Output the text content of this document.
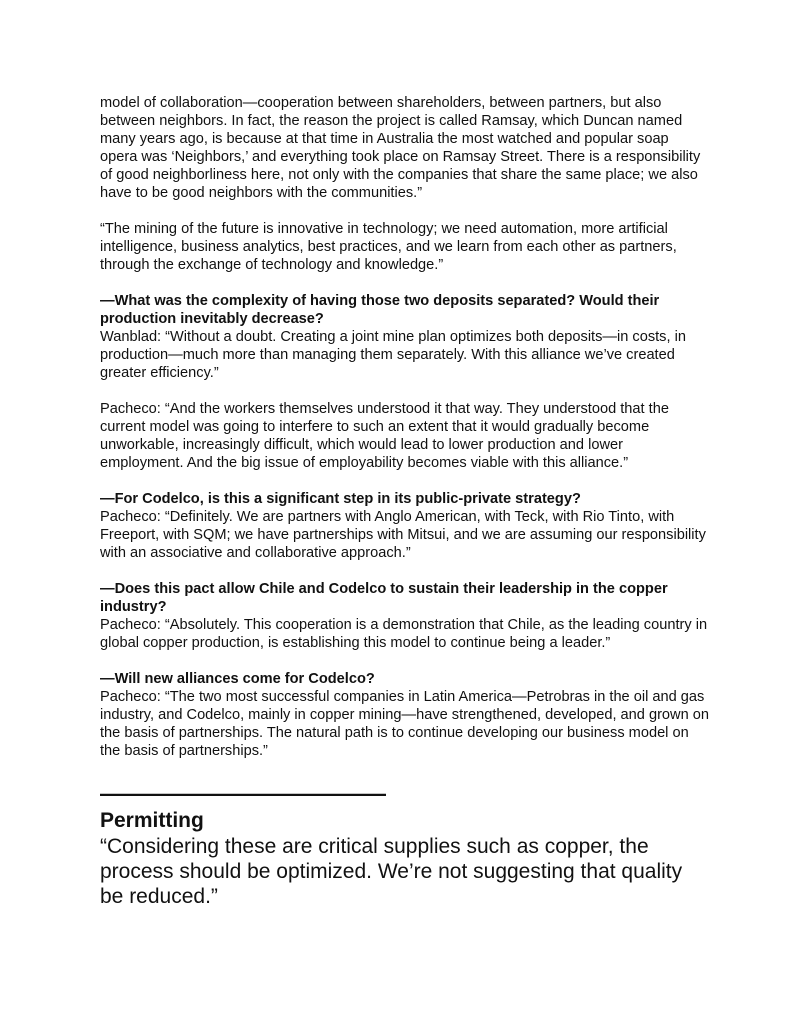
model of collaboration—cooperation between shareholders, between partners, but also between neighbors. In fact, the reason the project is called Ramsay, which Duncan named many years ago, is because at that time in Australia the most watched and popular soap opera was ‘Neighbors,’ and everything took place on Ramsay Street. There is a responsibility of good neighborliness here, not only with the companies that share the same place; we also have to be good neighbors with the communities.”

“The mining of the future is innovative in technology; we need automation, more artificial intelligence, business analytics, best practices, and we learn from each other as partners, through the exchange of technology and knowledge.”

—What was the complexity of having those two deposits separated? Would their production inevitably decrease?
Wanblad: “Without a doubt. Creating a joint mine plan optimizes both deposits—in costs, in production—much more than managing them separately. With this alliance we’ve created greater efficiency.”

Pacheco: “And the workers themselves understood it that way. They understood that the current model was going to interfere to such an extent that it would gradually become unworkable, increasingly difficult, which would lead to lower production and lower employment. And the big issue of employability becomes viable with this alliance.”

—For Codelco, is this a significant step in its public-private strategy?
Pacheco: “Definitely. We are partners with Anglo American, with Teck, with Rio Tinto, with Freeport, with SQM; we have partnerships with Mitsui, and we are assuming our responsibility with an associative and collaborative approach.”

—Does this pact allow Chile and Codelco to sustain their leadership in the copper industry?
Pacheco: “Absolutely. This cooperation is a demonstration that Chile, as the leading country in global copper production, is establishing this model to continue being a leader.”

—Will new alliances come for Codelco?
Pacheco: “The two most successful companies in Latin America—Petrobras in the oil and gas industry, and Codelco, mainly in copper mining—have strengthened, developed, and grown on the basis of partnerships. The natural path is to continue developing our business model on the basis of partnerships.”

—————————————
Permitting
“Considering these are critical supplies such as copper, the process should be optimized. We’re not suggesting that quality be reduced.”
